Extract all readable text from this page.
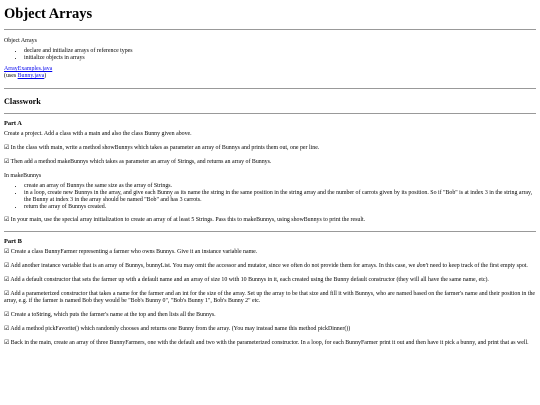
Object Arrays

Object Arrays

• declare and initialize arrays of reference types
• initialize objects in arrays

ArrayExamples.java
(uses Bunny.java)

Classwork
Part A

Create a project. Add a class with a main and also the class Bunny given above.

☑ In the class with main, write a method showBunnys which takes as parameter an array of Bunnys and prints them out, one per line.

☑ Then add a method makeBunnys which takes as parameter an array of Strings, and returns an array of Bunnys.

In makeBunnys

• create an array of Bunnys the same size as the array of Strings.
• in a loop, create new Bunnys in the array, and give each Bunny as its name the string in the same position in the string array and the number of carrots given by its position. So if "Bob" is at index 3 in the string array, the Bunny at index 3 in the array should be named "Bob" and has 3 carrots.
• return the array of Bunnys created.

☑ In your main, use the special array initialization to create an array of at least 5 Strings. Pass this to makeBunnys, using showBunnys to print the result.

Part B

☑ Create a class BunnyFarmer representing a farmer who owns Bunnys. Give it an instance variable name.

☑ Add another instance variable that is an array of Bunnys, bunnyList. You may omit the accessor and mutator, since we often do not provide them for arrays. In this case, we don't need to keep track of the first empty spot.

☑ Add a default constructor that sets the farmer up with a default name and an array of size 10 with 10 Bunnys in it, each created using the Bunny default constructor (they will all have the same name, etc).

☑ Add a parameterized constructor that takes a name for the farmer and an int for the size of the array. Set up the array to be that size and fill it with Bunnys, who are named based on the farmer's name and their position in the array, e.g. if the farmer is named Bob they would be "Bob's Bunny 0", "Bob's Bunny 1", Bob's Bunny 2" etc.

☑ Create a toString, which puts the farmer's name at the top and then lists all the Bunnys.

☑ Add a method pickFavorite() which randomly chooses and returns one Bunny from the array. (You may instead name this method pickDinner())

☑ Back in the main, create an array of three BunnyFarmers, one with the default and two with the parameterized constructor. In a loop, for each BunnyFarmer print it out and then have it pick a bunny, and print that as well.
